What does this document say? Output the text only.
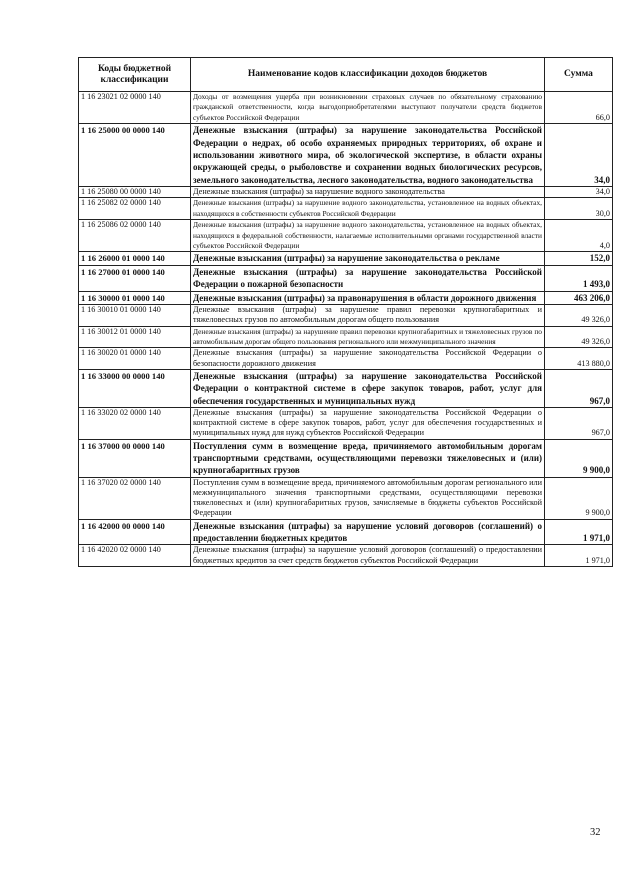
Коды бюджетной классификации	Наименование кодов классификации доходов бюджетов	Сумма
1 16 23021 02 0000 140	Доходы от возмещения ущерба при возникновении страховых случаев по обязательному страхованию гражданской ответственности, когда выгодоприобретателями выступают получатели средств бюджетов субъектов Российской Федерации	66,0
1 16 25000 00 0000 140	Денежные взыскания (штрафы) за нарушение законодательства Российской Федерации о недрах, об особо охраняемых природных территориях, об охране и использовании животного мира, об экологической экспертизе, в области охраны окружающей среды, о рыболовстве и сохранении водных биологических ресурсов, земельного законодательства, лесного законодательства, водного законодательства	34,0
1 16 25080 00 0000 140	Денежные взыскания (штрафы) за нарушение водного законодательства	34,0
1 16 25082 02 0000 140	Денежные взыскания (штрафы) за нарушение водного законодательства, установленное на водных объектах, находящихся в собственности субъектов Российской Федерации	30,0
1 16 25086 02 0000 140	Денежные взыскания (штрафы) за нарушение водного законодательства, установленное на водных объектах, находящихся в федеральной собственности, налагаемые исполнительными органами государственной власти субъектов Российской Федерации	4,0
1 16 26000 01 0000 140	Денежные взыскания (штрафы) за нарушение законодательства о рекламе	152,0
1 16 27000 01 0000 140	Денежные взыскания (штрафы) за нарушение законодательства Российской Федерации о пожарной безопасности	1 493,0
1 16 30000 01 0000 140	Денежные взыскания (штрафы) за правонарушения в области дорожного движения	463 206,0
1 16 30010 01 0000 140	Денежные взыскания (штрафы) за нарушение правил перевозки крупногабаритных и тяжеловесных грузов по автомобильным дорогам общего пользования	49 326,0
1 16 30012 01 0000 140	Денежные взыскания (штрафы) за нарушение правил перевозки крупногабаритных и тяжеловесных грузов по автомобильным дорогам общего пользования регионального или межмуниципального значения	49 326,0
1 16 30020 01 0000 140	Денежные взыскания (штрафы) за нарушение законодательства Российской Федерации о безопасности дорожного движения	413 880,0
1 16 33000 00 0000 140	Денежные взыскания (штрафы) за нарушение законодательства Российской Федерации о контрактной системе в сфере закупок товаров, работ, услуг для обеспечения государственных и муниципальных нужд	967,0
1 16 33020 02 0000 140	Денежные взыскания (штрафы) за нарушение законодательства Российской Федерации о контрактной системе в сфере закупок товаров, работ, услуг для обеспечения государственных и муниципальных нужд для нужд субъектов Российской Федерации	967,0
1 16 37000 00 0000 140	Поступления сумм в возмещение вреда, причиняемого автомобильным дорогам транспортными средствами, осуществляющими перевозки тяжеловесных и (или) крупногабаритных грузов	9 900,0
1 16 37020 02 0000 140	Поступления сумм в возмещение вреда, причиняемого автомобильным дорогам регионального или межмуниципального значения транспортными средствами, осуществляющими перевозки тяжеловесных и (или) крупногабаритных грузов, зачисляемые в бюджеты субъектов Российской Федерации	9 900,0
1 16 42000 00 0000 140	Денежные взыскания (штрафы) за нарушение условий договоров (соглашений) о предоставлении бюджетных кредитов	1 971,0
1 16 42020 02 0000 140	Денежные взыскания (штрафы) за нарушение условий договоров (соглашений) о предоставлении бюджетных кредитов за счет средств бюджетов субъектов Российской Федерации	1 971,0
32
